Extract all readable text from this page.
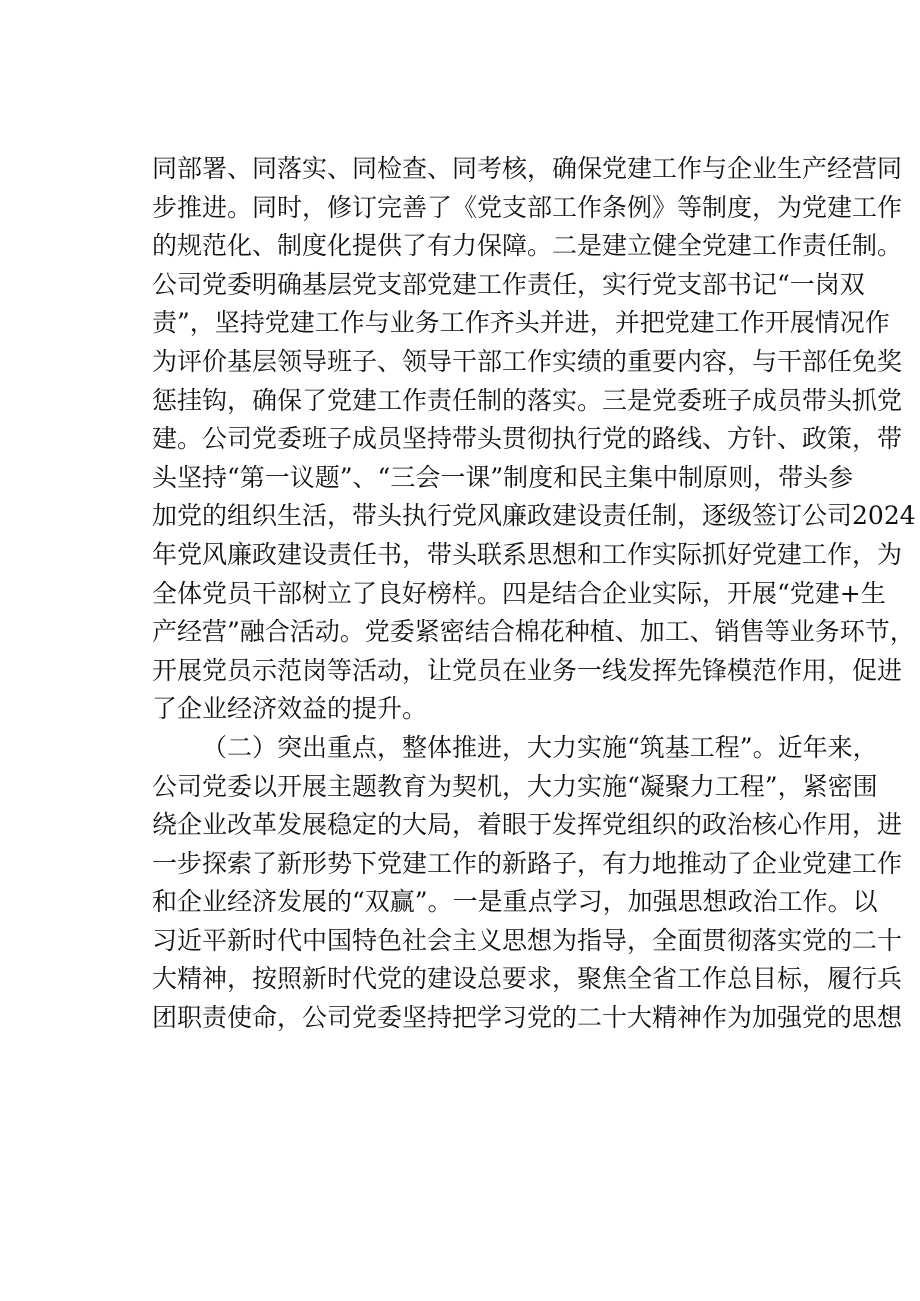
同部署、同落实、同检查、同考核，确保党建工作与企业生产经营同
步推进。同时，修订完善了《党支部工作条例》等制度，为党建工作
的规范化、制度化提供了有力保障。二是建立健全党建工作责任制。
公司党委明确基层党支部党建工作责任，实行党支部书记“一岗双
责”，坚持党建工作与业务工作齐头并进，并把党建工作开展情况作
为评价基层领导班子、领导干部工作实绩的重要内容，与干部任免奖
惩挂钩，确保了党建工作责任制的落实。三是党委班子成员带头抓党
建。公司党委班子成员坚持带头贯彻执行党的路线、方针、政策，带
头坚持“第一议题”、“三会一课”制度和民主集中制原则，带头参
加党的组织生活，带头执行党风廉政建设责任制，逐级签订公司2024
年党风廉政建设责任书，带头联系思想和工作实际抓好党建工作，为
全体党员干部树立了良好榜样。四是结合企业实际，开展“党建+生
产经营”融合活动。党委紧密结合棉花种植、加工、销售等业务环节，
开展党员示范岗等活动，让党员在业务一线发挥先锋模范作用，促进
了企业经济效益的提升。
（二）突出重点，整体推进，大力实施“筑基工程”。近年来，
公司党委以开展主题教育为契机，大力实施“凝聚力工程”，紧密围
绕企业改革发展稳定的大局，着眼于发挥党组织的政治核心作用，进
一步探索了新形势下党建工作的新路子，有力地推动了企业党建工作
和企业经济发展的“双赢”。一是重点学习，加强思想政治工作。以
习近平新时代中国特色社会主义思想为指导，全面贯彻落实党的二十
大精神，按照新时代党的建设总要求，聚焦全省工作总目标，履行兵
团职责使命，公司党委坚持把学习党的二十大精神作为加强党的思想
